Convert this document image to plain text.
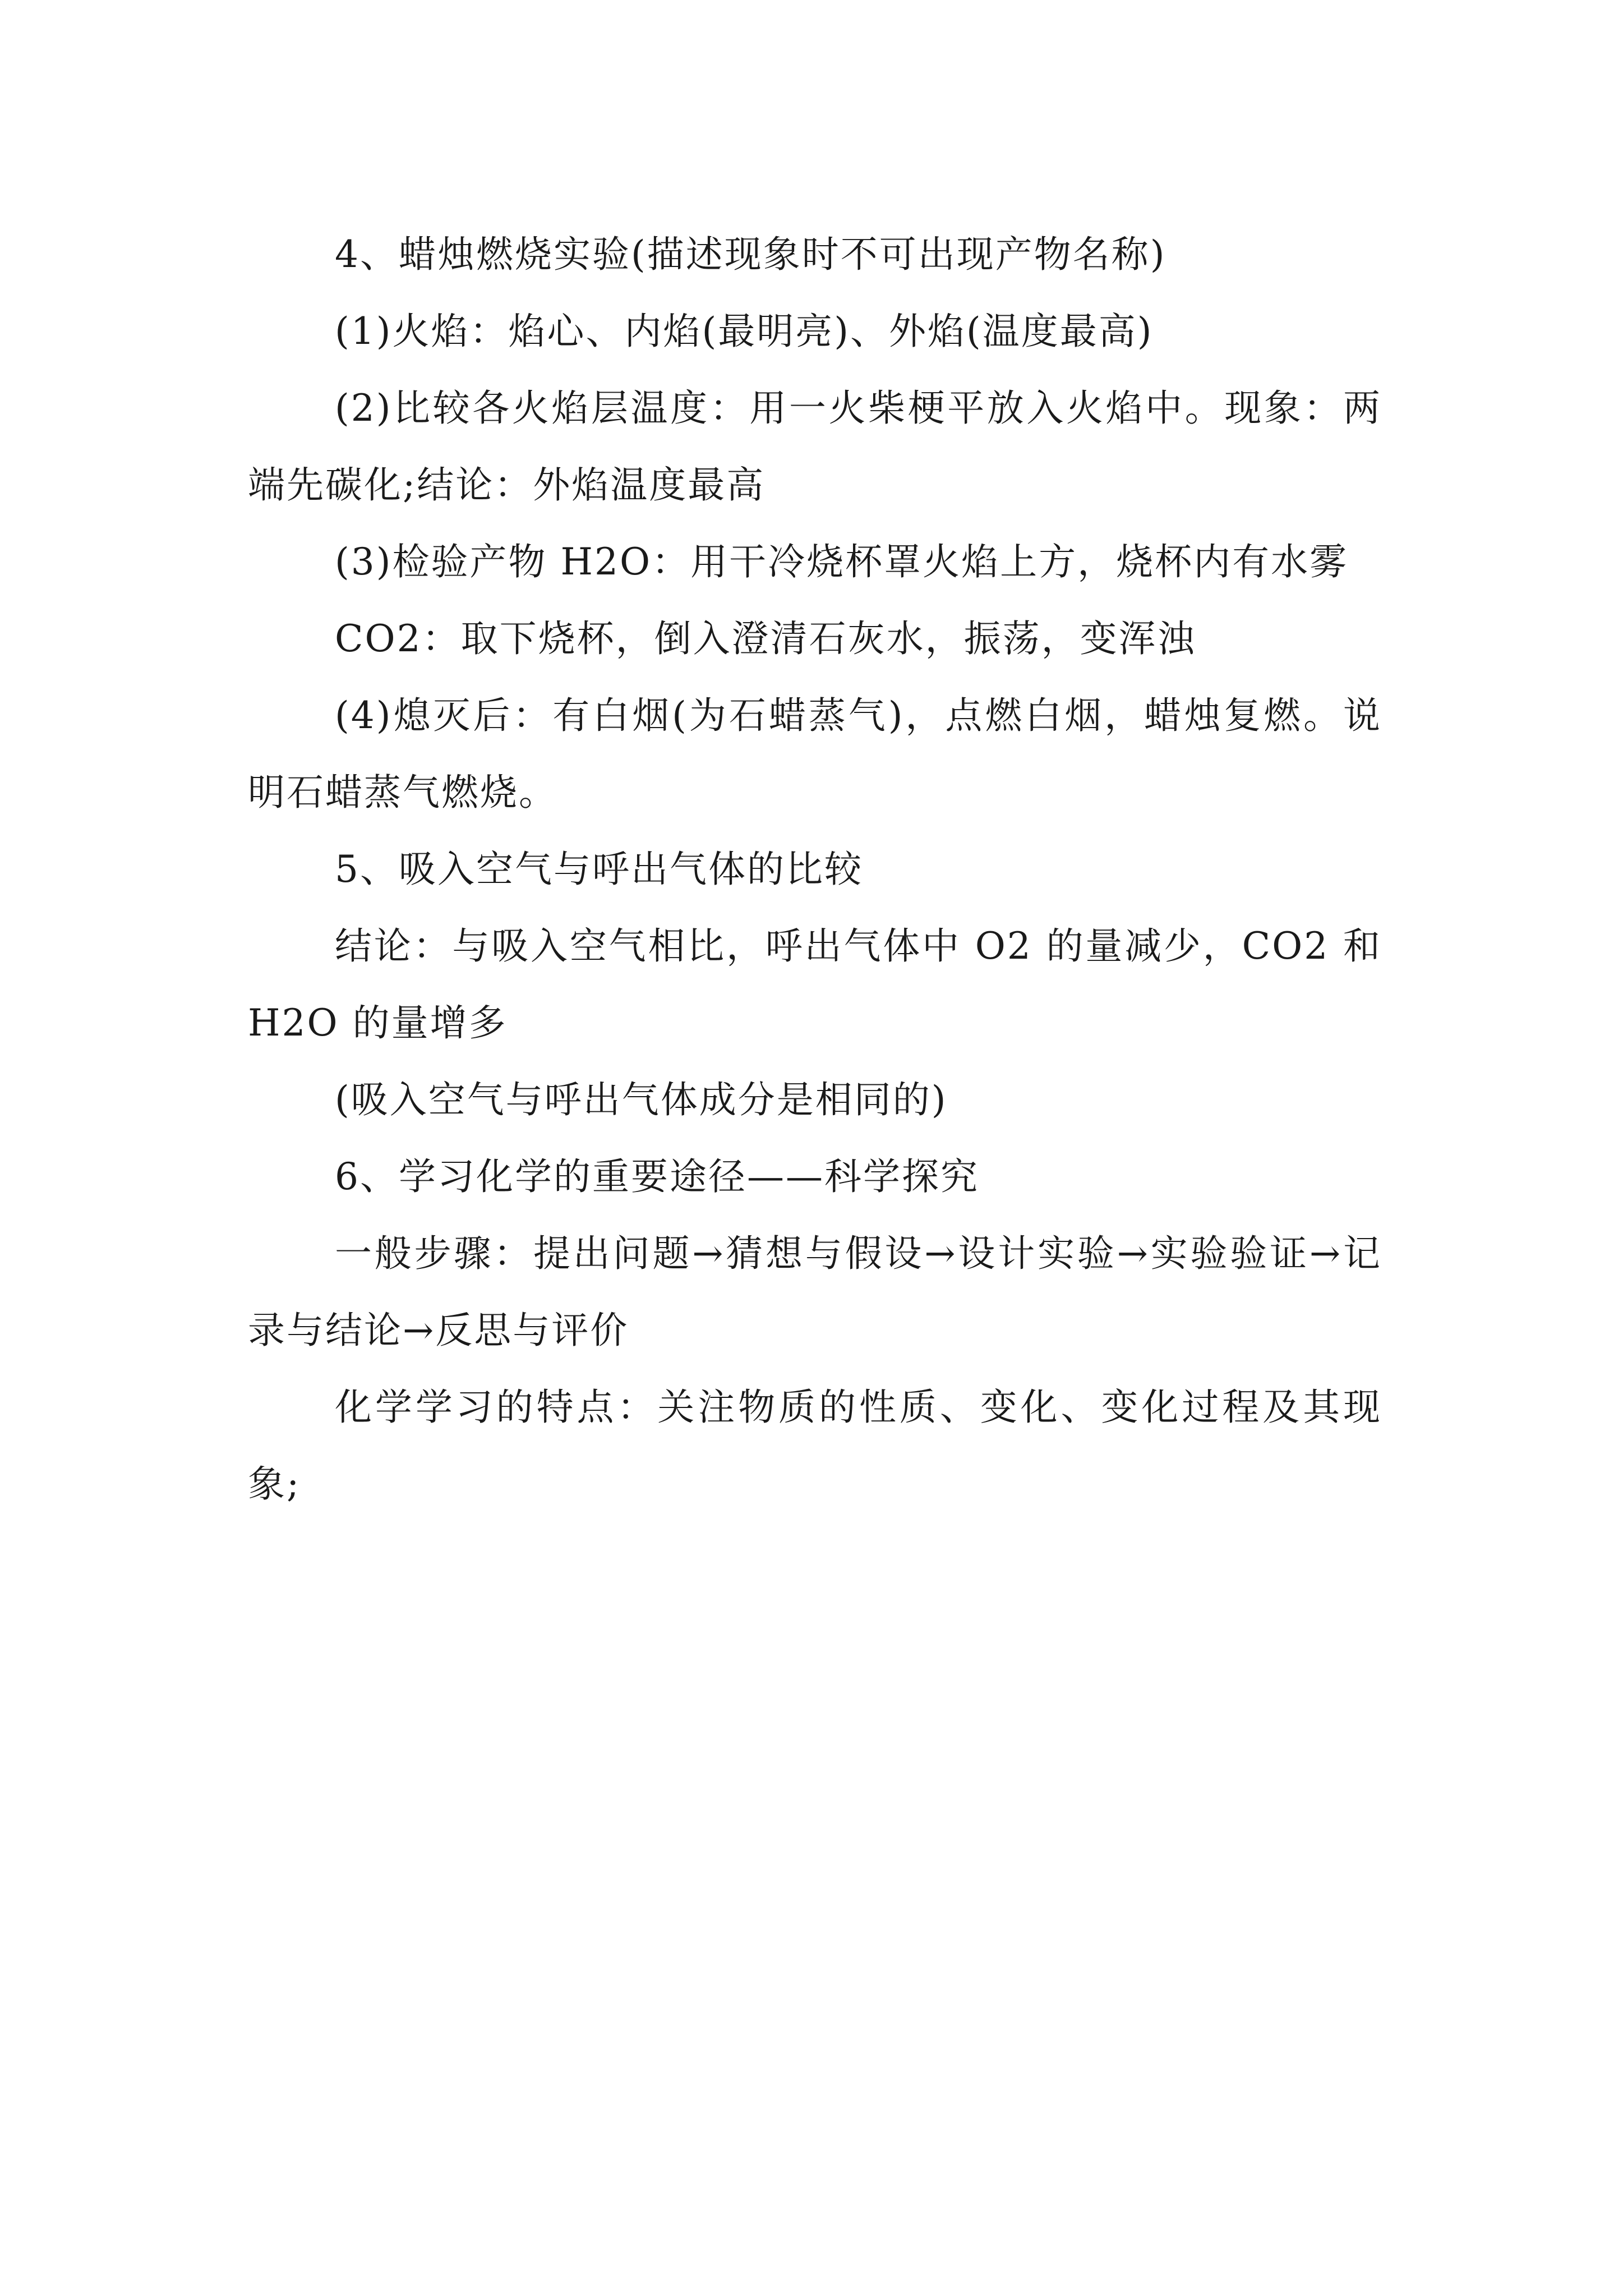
4、蜡烛燃烧实验(描述现象时不可出现产物名称)

(1)火焰：焰心、内焰(最明亮)、外焰(温度最高)

(2)比较各火焰层温度：用一火柴梗平放入火焰中。现象：两端先碳化;结论：外焰温度最高

(3)检验产物 H2O：用干冷烧杯罩火焰上方，烧杯内有水雾

CO2：取下烧杯，倒入澄清石灰水，振荡，变浑浊

(4)熄灭后：有白烟(为石蜡蒸气)，点燃白烟，蜡烛复燃。说明石蜡蒸气燃烧。

5、吸入空气与呼出气体的比较

结论：与吸入空气相比，呼出气体中 O2 的量减少，CO2 和 H2O 的量增多

(吸入空气与呼出气体成分是相同的)

6、学习化学的重要途径——科学探究

一般步骤：提出问题→猜想与假设→设计实验→实验验证→记录与结论→反思与评价

化学学习的特点：关注物质的性质、变化、变化过程及其现象;
